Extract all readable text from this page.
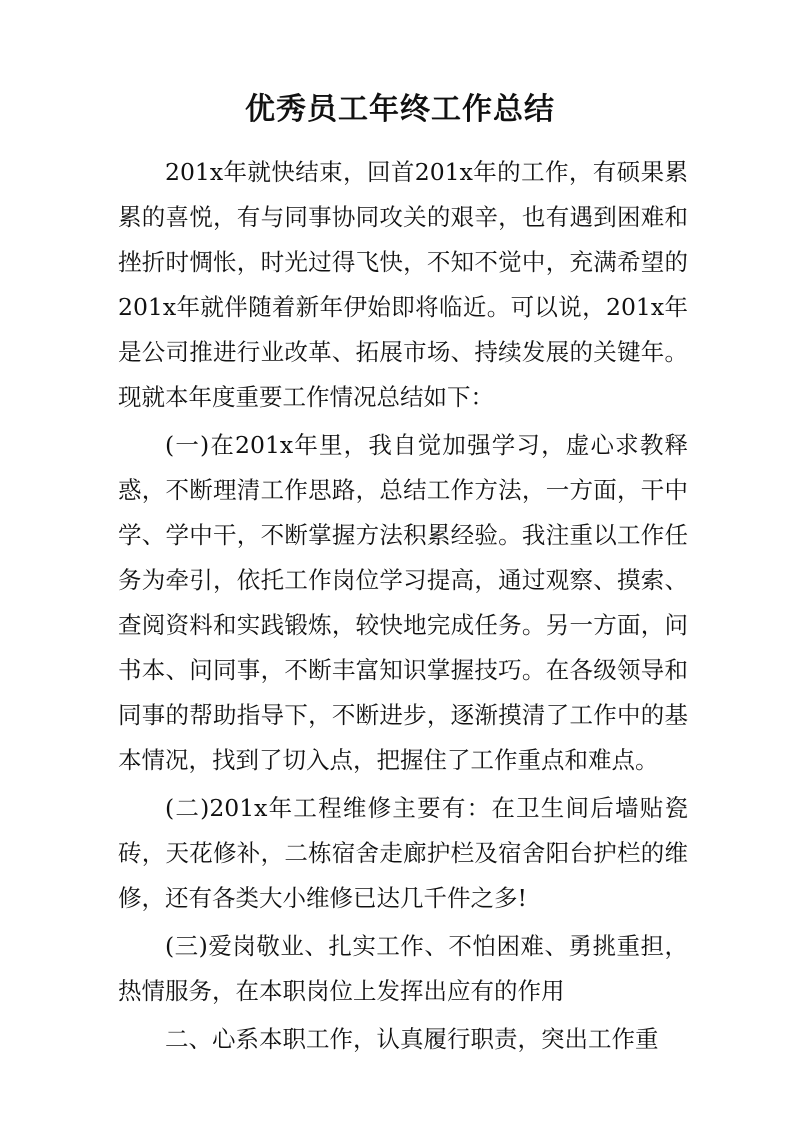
优秀员工年终工作总结

201x年就快结束，回首201x年的工作，有硕果累累的喜悦，有与同事协同攻关的艰辛，也有遇到困难和挫折时惆怅，时光过得飞快，不知不觉中，充满希望的201x年就伴随着新年伊始即将临近。可以说，201x年是公司推进行业改革、拓展市场、持续发展的关键年。现就本年度重要工作情况总结如下：

(一)在201x年里，我自觉加强学习，虚心求教释惑，不断理清工作思路，总结工作方法，一方面，干中学、学中干，不断掌握方法积累经验。我注重以工作任务为牵引，依托工作岗位学习提高，通过观察、摸索、查阅资料和实践锻炼，较快地完成任务。另一方面，问书本、问同事，不断丰富知识掌握技巧。在各级领导和同事的帮助指导下，不断进步，逐渐摸清了工作中的基本情况，找到了切入点，把握住了工作重点和难点。

(二)201x年工程维修主要有：在卫生间后墙贴瓷砖，天花修补，二栋宿舍走廊护栏及宿舍阳台护栏的维修，还有各类大小维修已达几千件之多!

(三)爱岗敬业、扎实工作、不怕困难、勇挑重担，热情服务，在本职岗位上发挥出应有的作用

二、心系本职工作，认真履行职责，突出工作重
